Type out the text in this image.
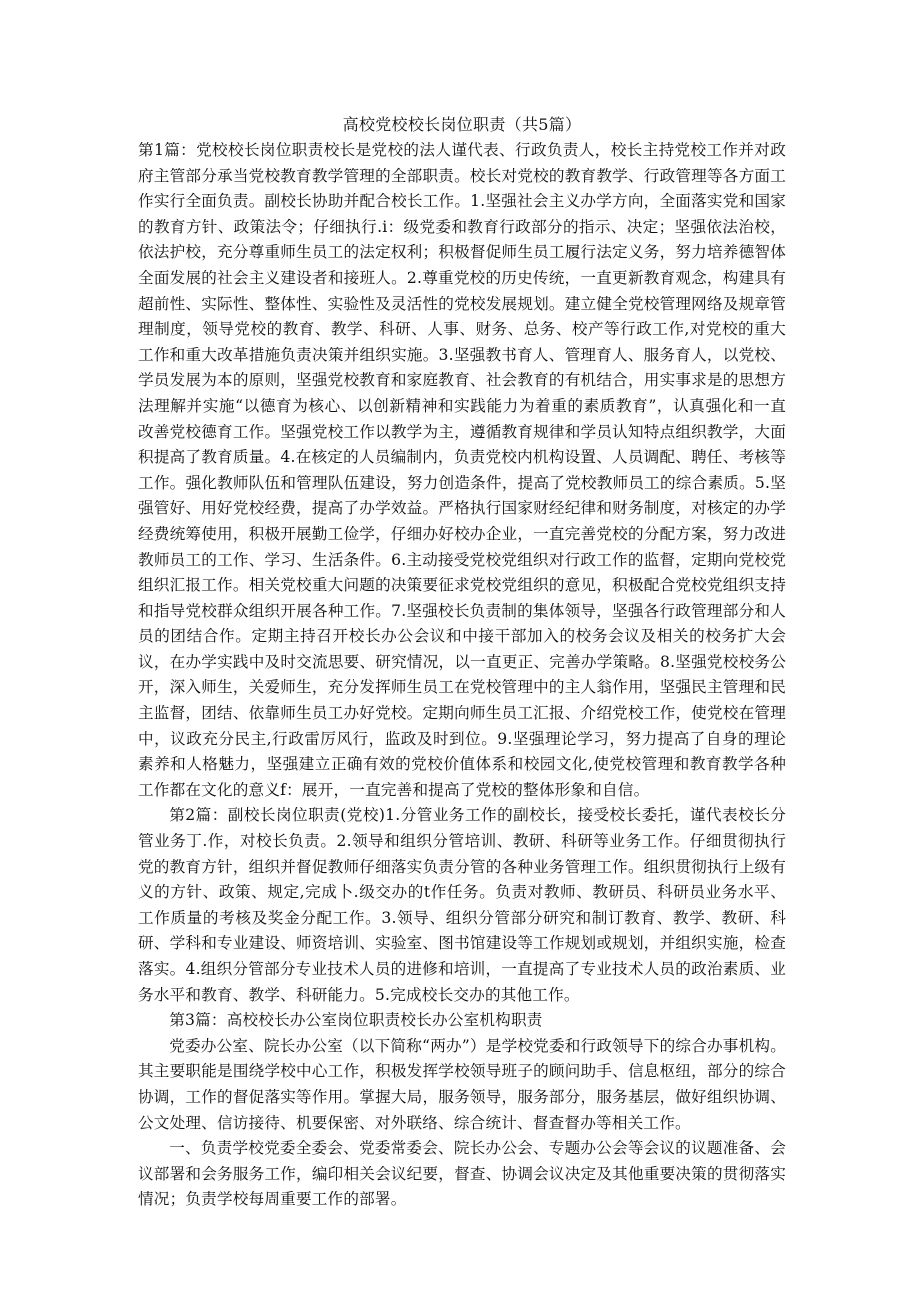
高校党校校长岗位职责（共5篇）

第1篇：党校校长岗位职责校长是党校的法人谨代表、行政负责人，校长主持党校工作并对政府主管部分承当党校教育教学管理的全部职责。校长对党校的教育教学、行政管理等各方面工作实行全面负责。副校长协助并配合校长工作。1.坚强社会主义办学方向，全面落实党和国家的教育方针、政策法令；仔细执行.i：级党委和教育行政部分的指示、决定；坚强依法治校，依法护校，充分尊重师生员工的法定权利；积极督促师生员工履行法定义务，努力培养德智体全面发展的社会主义建设者和接班人。2.尊重党校的历史传统，一直更新教育观念，构建具有超前性、实际性、整体性、实验性及灵活性的党校发展规划。建立健全党校管理网络及规章管理制度，领导党校的教育、教学、科研、人事、财务、总务、校产等行政工作,对党校的重大工作和重大改革措施负责决策并组织实施。3.坚强教书育人、管理育人、服务育人，以党校、学员发展为本的原则，坚强党校教育和家庭教育、社会教育的有机结合，用实事求是的思想方法理解并实施“以德育为核心、以创新精神和实践能力为着重的素质教育”，认真强化和一直改善党校德育工作。坚强党校工作以教学为主，遵循教育规律和学员认知特点组织教学，大面积提高了教育质量。4.在核定的人员编制内，负责党校内机构设置、人员调配、聘任、考核等工作。强化教师队伍和管理队伍建设，努力创造条件，提高了党校教师员工的综合素质。5.坚强管好、用好党校经费，提高了办学效益。严格执行国家财经纪律和财务制度，对核定的办学经费统筹使用，积极开展勤工俭学，仔细办好校办企业，一直完善党校的分配方案，努力改进教师员工的工作、学习、生活条件。6.主动接受党校党组织对行政工作的监督，定期向党校党组织汇报工作。相关党校重大问题的决策要征求党校党组织的意见，积极配合党校党组织支持和指导党校群众组织开展各种工作。7.坚强校长负责制的集体领导，坚强各行政管理部分和人员的团结合作。定期主持召开校长办公会议和中接干部加入的校务会议及相关的校务扩大会议，在办学实践中及时交流思要、研究情况，以一直更正、完善办学策略。8.坚强党校校务公开，深入师生，关爱师生，充分发挥师生员工在党校管理中的主人翁作用，坚强民主管理和民主监督，团结、依靠师生员工办好党校。定期向师生员工汇报、介绍党校工作，使党校在管理中，议政充分民主,行政雷厉风行，监政及时到位。9.坚强理论学习，努力提高了自身的理论素养和人格魅力，坚强建立正确有效的党校价值体系和校园文化,使党校管理和教育教学各种工作都在文化的意义f：展开，一直完善和提高了党校的整体形象和自信。

第2篇：副校长岗位职责(党校)1.分管业务工作的副校长，接受校长委托，谨代表校长分管业务丁.作，对校长负责。2.领导和组织分管培训、教研、科研等业务工作。仔细贯彻执行党的教育方针，组织并督促教师仔细落实负责分管的各种业务管理工作。组织贯彻执行上级有义的方针、政策、规定,完成卜.级交办的t作任务。负责对教师、教研员、科研员业务水平、工作质量的考核及奖金分配工作。3.领导、组织分管部分研究和制订教育、教学、教研、科研、学科和专业建设、师资培训、实验室、图书馆建设等工作规划或规划，并组织实施，检查落实。4.组织分管部分专业技术人员的进修和培训，一直提高了专业技术人员的政治素质、业务水平和教育、教学、科研能力。5.完成校长交办的其他工作。

第3篇：高校校长办公室岗位职责校长办公室机构职责

党委办公室、院长办公室（以下简称“两办”）是学校党委和行政领导下的综合办事机构。其主要职能是围绕学校中心工作，积极发挥学校领导班子的顾问助手、信息枢纽，部分的综合协调，工作的督促落实等作用。掌握大局，服务领导，服务部分，服务基层，做好组织协调、公文处理、信访接待、机要保密、对外联络、综合统计、督查督办等相关工作。

一、负责学校党委全委会、党委常委会、院长办公会、专题办公会等会议的议题准备、会议部署和会务服务工作，编印相关会议纪要，督查、协调会议决定及其他重要决策的贯彻落实情况；负责学校每周重要工作的部署。
